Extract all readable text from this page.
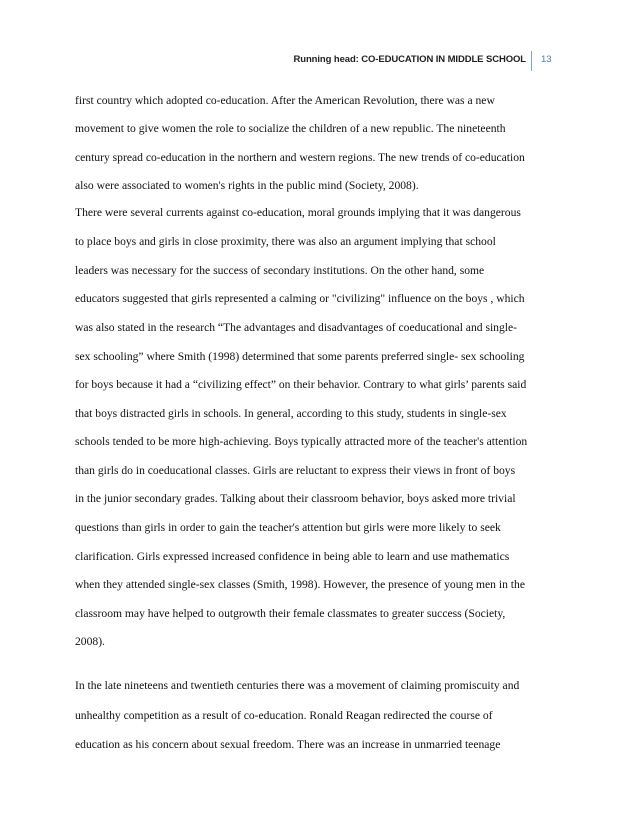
Running head: CO-EDUCATION IN MIDDLE SCHOOL 13
first country which adopted co-education. After the American Revolution, there was a new
movement to give women the role to socialize the children of a new republic. The nineteenth
century spread co-education in the northern and western regions. The new trends of co-education
also were associated to women's rights in the public mind (Society, 2008).
There were several currents against co-education, moral grounds implying that it was dangerous
to place boys and girls in close proximity, there was also an argument implying that school
leaders was necessary for the success of secondary institutions. On the other hand, some
educators suggested that girls represented a calming or "civilizing" influence on the boys , which
was also stated in the research “The advantages and disadvantages of coeducational and single-
sex schooling” where Smith (1998) determined that some parents preferred single- sex schooling
for boys because it had a “civilizing effect” on their behavior. Contrary to what girls’ parents said
that boys distracted girls in schools. In general, according to this study, students in single-sex
schools tended to be more high-achieving. Boys typically attracted more of the teacher's attention
than girls do in coeducational classes. Girls are reluctant to express their views in front of boys
in the junior secondary grades. Talking about their classroom behavior, boys asked more trivial
questions than girls in order to gain the teacher's attention but girls were more likely to seek
clarification. Girls expressed increased confidence in being able to learn and use mathematics
when they attended single-sex classes (Smith, 1998). However, the presence of young men in the
classroom may have helped to outgrowth their female classmates to greater success (Society,
2008).
In the late nineteens and twentieth centuries there was a movement of claiming promiscuity and
unhealthy competition as a result of co-education. Ronald Reagan redirected the course of
education as his concern about sexual freedom. There was an increase in unmarried teenage
